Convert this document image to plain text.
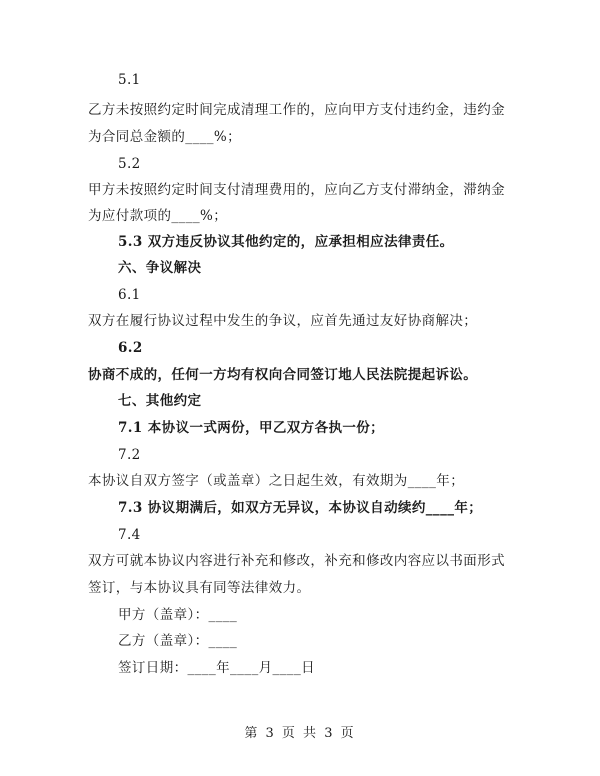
5.1
乙方未按照约定时间完成清理工作的，应向甲方支付违约金，违约金
为合同总金额的____%；
5.2
甲方未按照约定时间支付清理费用的，应向乙方支付滞纳金，滞纳金
为应付款项的____%；
5.3 双方违反协议其他约定的，应承担相应法律责任。
六、争议解决
6.1
双方在履行协议过程中发生的争议，应首先通过友好协商解决；
6.2
协商不成的，任何一方均有权向合同签订地人民法院提起诉讼。
七、其他约定
7.1 本协议一式两份，甲乙双方各执一份；
7.2
本协议自双方签字（或盖章）之日起生效，有效期为____年；
7.3 协议期满后，如双方无异议，本协议自动续约____年；
7.4
双方可就本协议内容进行补充和修改，补充和修改内容应以书面形式
签订，与本协议具有同等法律效力。
甲方（盖章）：____
乙方（盖章）：____
签订日期：____年____月____日
第 3 页 共 3 页
